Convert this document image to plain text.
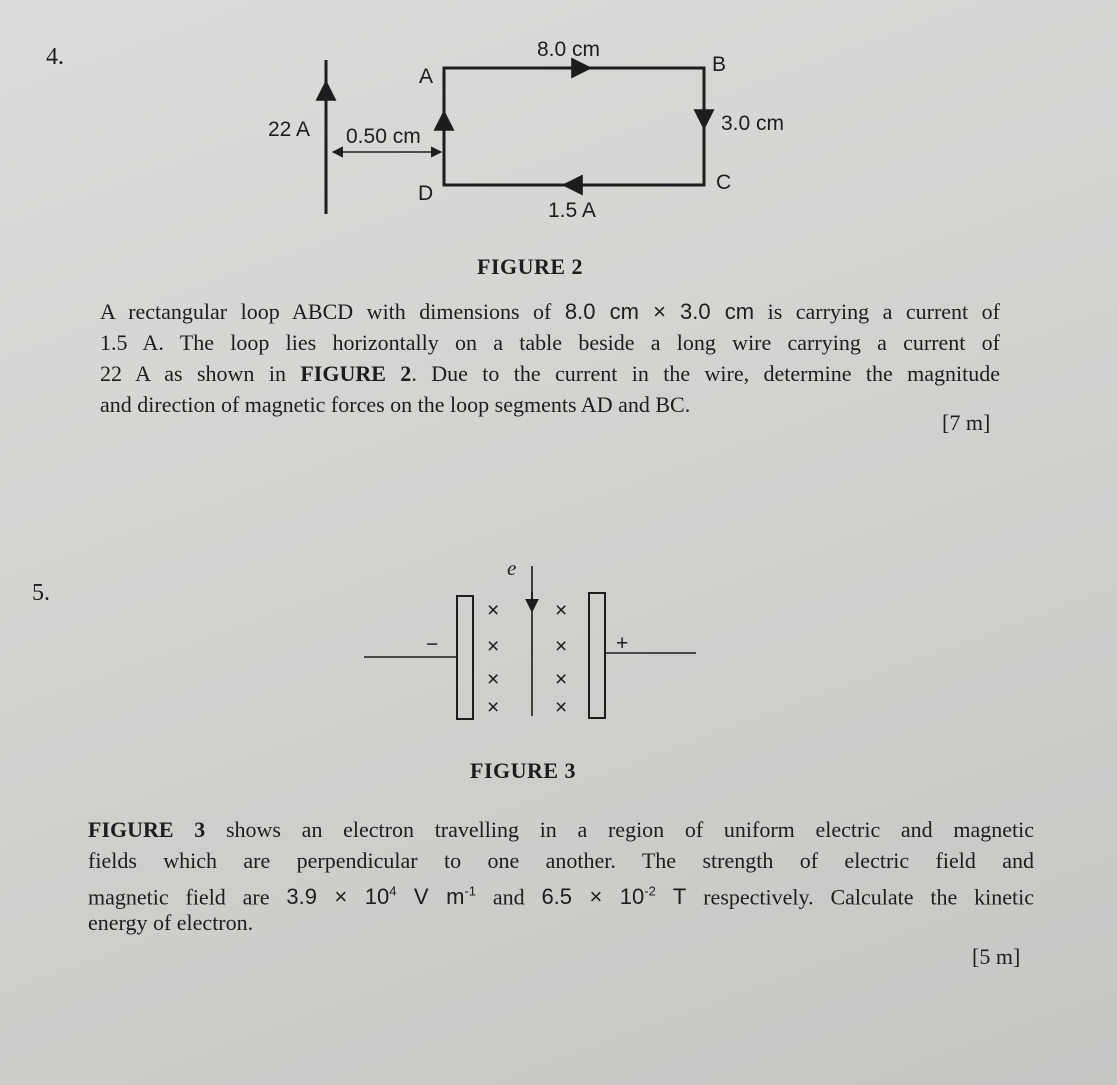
4.
22 A 0.50 cm
A
B
C
D
8.0 cm
3.0 cm
1.5 A
FIGURE 2
A rectangular loop ABCD with dimensions of 8.0 cm × 3.0 cm is carrying a current of
1.5 A. The loop lies horizontally on a table beside a long wire carrying a current of
22 A as shown in FIGURE 2. Due to the current in the wire, determine the magnitude
and direction of magnetic forces on the loop segments AD and BC.
[7 m]
5.
−	+
e
×
×
×
×
×
×
×
×
FIGURE 3
FIGURE 3 shows an electron travelling in a region of uniform electric and magnetic
fields which are perpendicular to one another. The strength of electric field and
magnetic field are $3.9 \times 10^4$ V $m^{-1}$ and $6.5 \times 10^{-2}$ T respectively. Calculate the kinetic
energy of electron.
[5 m]
